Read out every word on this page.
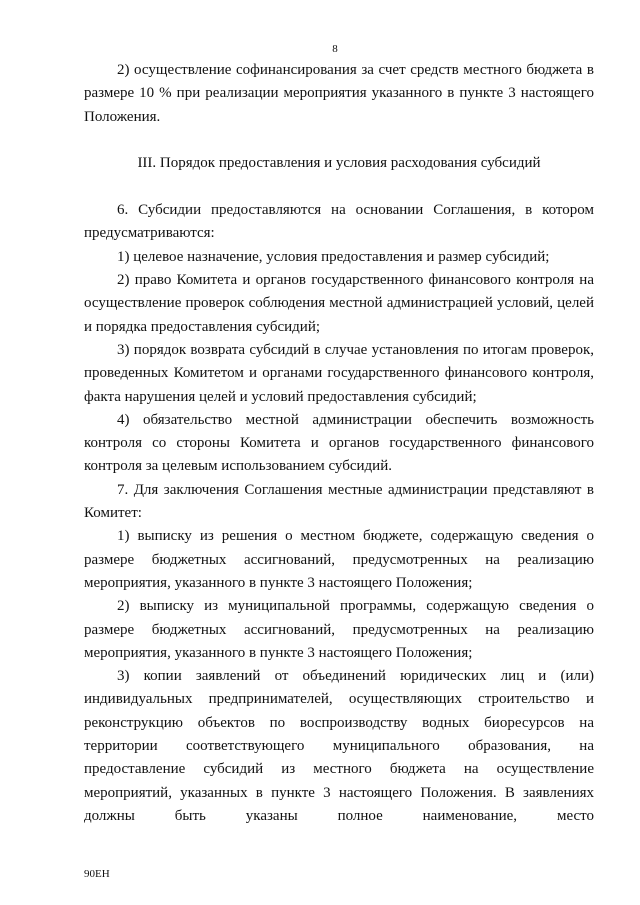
8

2) осуществление софинансирования за счет средств местного бюджета в размере 10 % при реализации мероприятия указанного в пункте 3 настоящего Положения.

III. Порядок предоставления и условия расходования субсидий

6. Субсидии предоставляются на основании Соглашения, в котором предусматриваются:

1) целевое назначение, условия предоставления и размер субсидий;

2) право Комитета и органов государственного финансового контроля на осуществление проверок соблюдения местной администрацией условий, целей и порядка предоставления субсидий;

3) порядок возврата субсидий в случае установления по итогам проверок, проведенных Комитетом и органами государственного финансового контроля, факта нарушения целей и условий предоставления субсидий;

4) обязательство местной администрации обеспечить возможность контроля со стороны Комитета и органов государственного финансового контроля за целевым использованием субсидий.

7. Для заключения Соглашения местные администрации представляют в Комитет:

1) выписку из решения о местном бюджете, содержащую сведения о размере бюджетных ассигнований, предусмотренных на реализацию мероприятия, указанного в пункте 3 настоящего Положения;

2) выписку из муниципальной программы, содержащую сведения о размере бюджетных ассигнований, предусмотренных на реализацию мероприятия, указанного в пункте 3 настоящего Положения;

3) копии заявлений от объединений юридических лиц и (или) индивидуальных предпринимателей, осуществляющих строительство и реконструкцию объектов по воспроизводству водных биоресурсов на территории соответствующего муниципального образования, на предоставление субсидий из местного бюджета на осуществление мероприятий, указанных в пункте 3 настоящего Положения. В заявлениях должны быть указаны полное наименование, место

90ЕН
